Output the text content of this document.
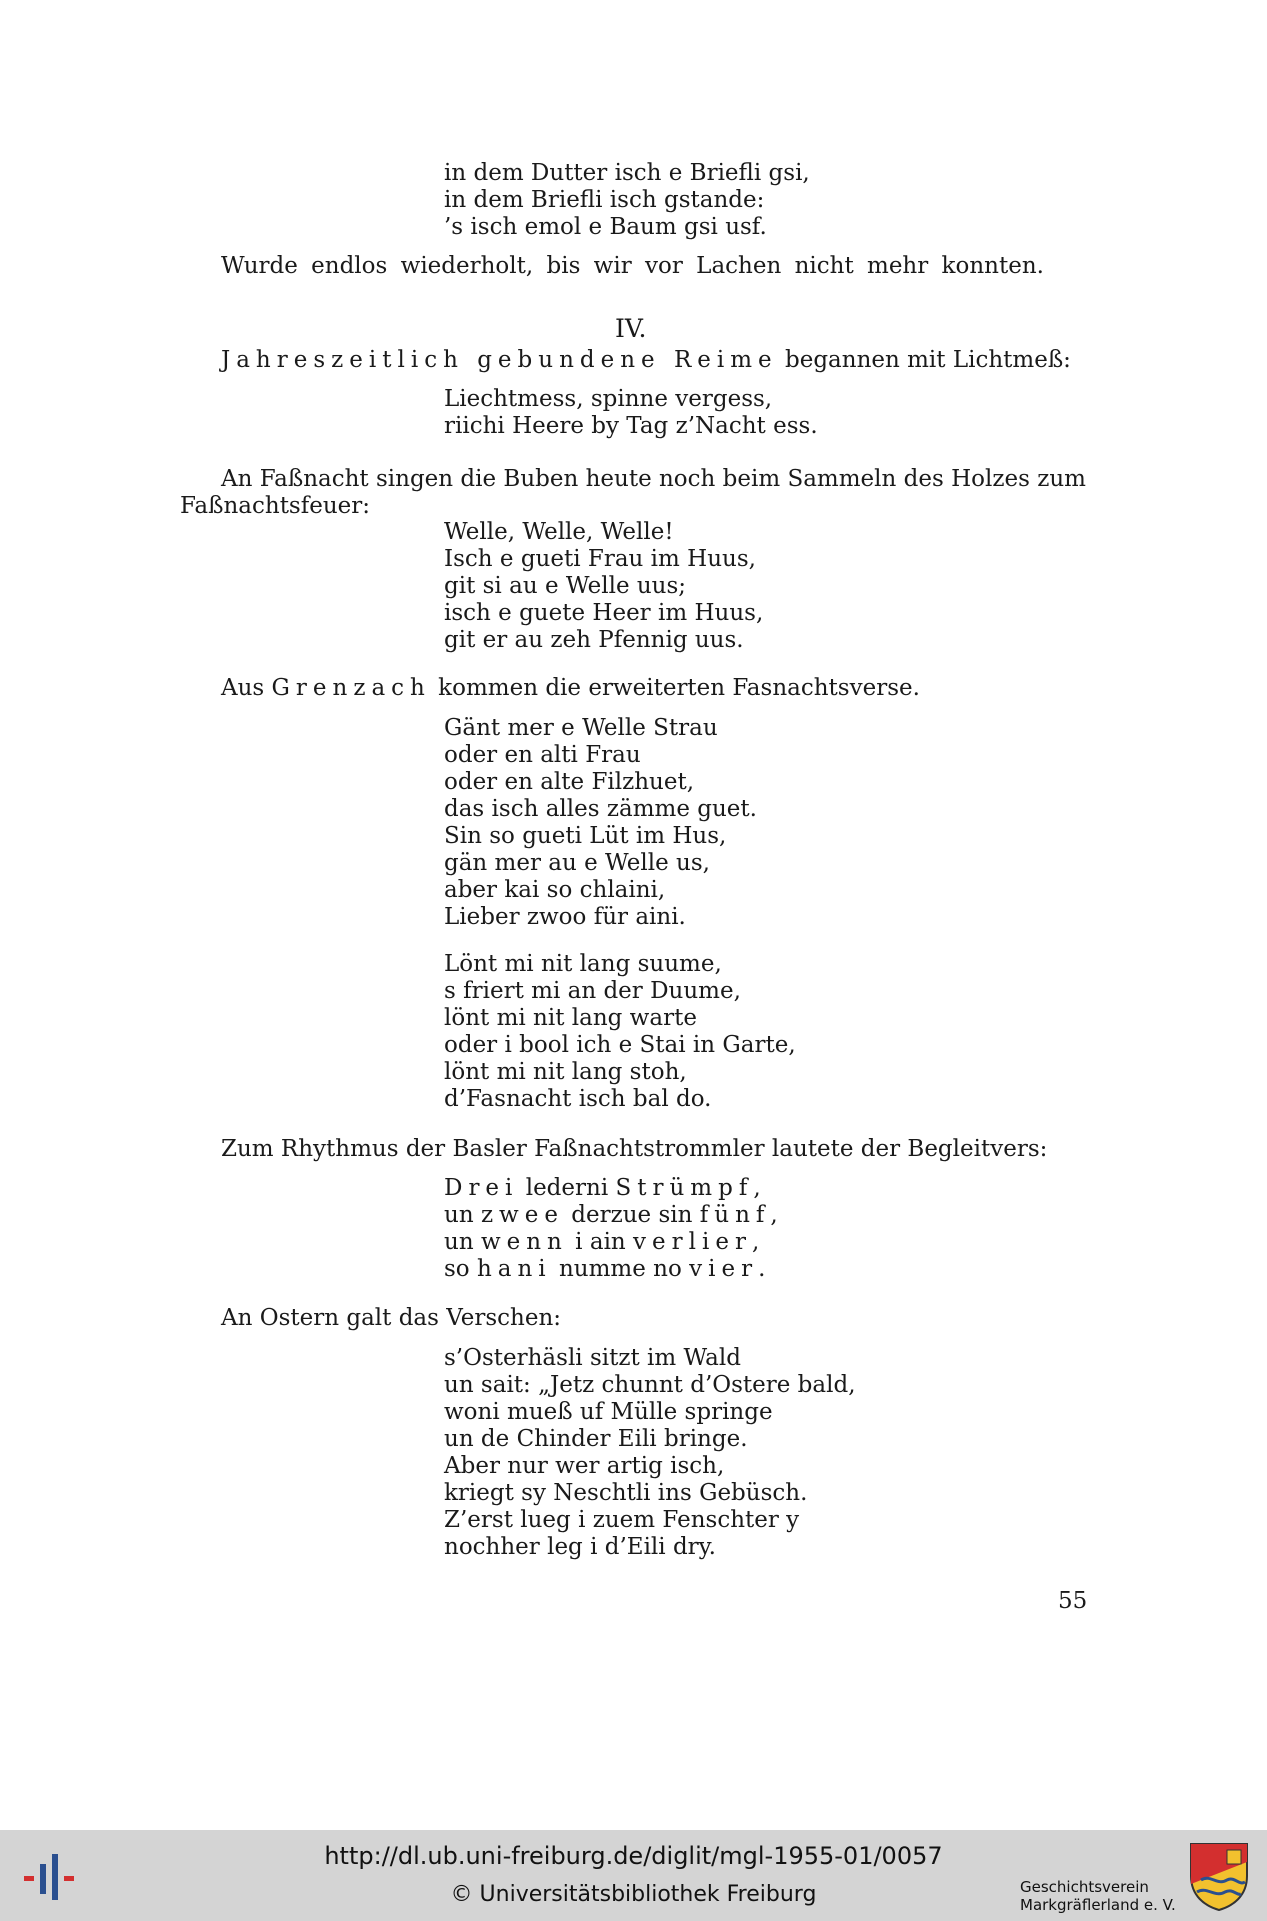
in dem Dutter isch e Briefli gsi,
in dem Briefli isch gstande:
’s isch emol e Baum gsi usf.
Wurde endlos wiederholt, bis wir vor Lachen nicht mehr konnten.
IV.
Jahreszeitlich gebundene Reime begannen mit Lichtmeß:
Liechtmess, spinne vergess,
riichi Heere by Tag z’Nacht ess.
An Faßnacht singen die Buben heute noch beim Sammeln des Holzes zum
Faßnachtsfeuer:
Welle, Welle, Welle!
Isch e gueti Frau im Huus,
git si au e Welle uus;
isch e guete Heer im Huus,
git er au zeh Pfennig uus.
Aus Grenzach kommen die erweiterten Fasnachtsverse.
Gänt mer e Welle Strau
oder en alti Frau
oder en alte Filzhuet,
das isch alles zämme guet.
Sin so gueti Lüt im Hus,
gän mer au e Welle us,
aber kai so chlaini,
Lieber zwoo für aini.
Lönt mi nit lang suume,
s friert mi an der Duume,
lönt mi nit lang warte
oder i bool ich e Stai in Garte,
lönt mi nit lang stoh,
d’Fasnacht isch bal do.
Zum Rhythmus der Basler Faßnachtstrommler lautete der Begleitvers:
Drei lederni Strümpf,
un zwee derzue sin fünf,
un wenn i ain verlier,
so hani numme no vier.
An Ostern galt das Verschen:
s’Osterhäsli sitzt im Wald
un sait: „Jetz chunnt d’Ostere bald,
woni mueß uf Mülle springe
un de Chinder Eili bringe.
Aber nur wer artig isch,
kriegt sy Neschtli ins Gebüsch.
Z’erst lueg i zuem Fenschter y
nochher leg i d’Eili dry.
55
http://dl.ub.uni-freiburg.de/diglit/mgl-1955-01/0057
© Universitätsbibliothek Freiburg	Geschichtsverein
Markgräflerland e. V.
